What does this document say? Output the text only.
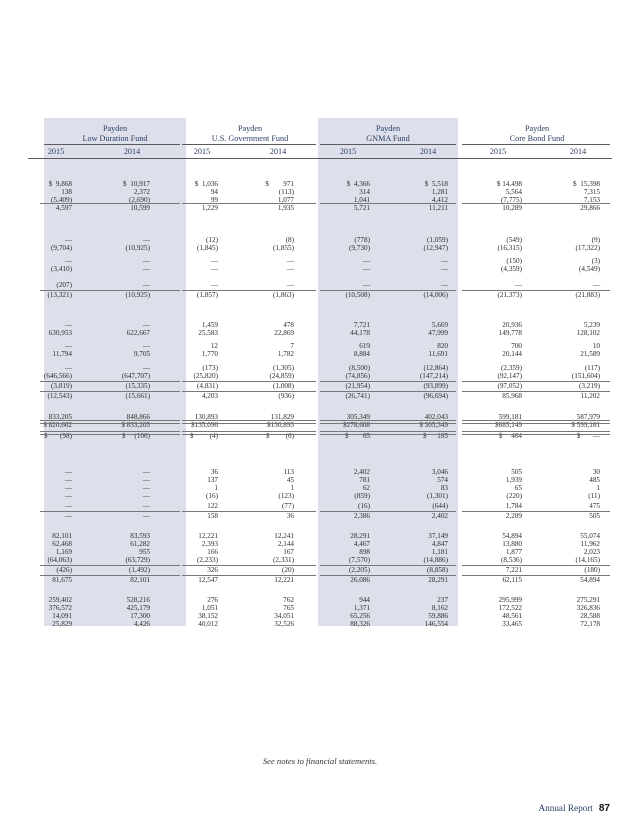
Payden
Low Duration Fund
Payden
U.S. Government Fund
Payden
GNMA Fund
Payden
Core Bond Fund
2015	2014	2015	2014	2015	2014	2015	2014
$  9,868	$  10,917	$  1,036	$        971	$  4,366	$  5,518	$ 14,498	$  15,398
138	2,372	94	(113)	314	1,281	5,564	7,315
(5,409)	(2,690)	99	1,077	1,041	4,412	(7,775)	7,153
4,597	10,599	1,229	1,935	5,721	11,211	10,289	29,866
—	—	(12)	(8)	(778)	(1,059)	(549)	(9)
(9,704)	(10,925)	(1,845)	(1,855)	(9,730)	(12,947)	(16,315)	(17,322)
—	—	—	—	—	—	(150)	(3)
(3,410)	—	—	—	—	—	(4,359)	(4,549)
(207)	—	—	—	—	—	—	—
(13,321)	(10,925)	(1,857)	(1,863)	(10,508)	(14,006)	(21,373)	(21,883)
—	—	1,459	478	7,721	5,669	20,936	5,239
630,953	622,667	25,583	22,869	44,178	47,999	149,778	128,102
—	—	12	7	619	820	700	10
11,794	9,705	1,770	1,782	8,884	11,691	20,144	21,589
—	—	(173)	(1,305)	(8,500)	(12,864)	(2,359)	(117)
(646,566)	(647,707)	(25,820)	(24,859)	(74,856)	(147,214)	(92,147)	(151,604)
(3,819)	(15,335)	(4,831)	(1,008)	(21,954)	(93,899)	(97,052)	(3,219)
(12,543)	(15,661)	4,203	(936)	(26,741)	(96,694)	85,968	11,202
833,205	848,866	130,893	131,829	305,349	402,043	599,181	587,979
$ 820,662	$ 833,205	$135,096	$130,893	$278,608	$ 305,349	$685,149	$ 599,181
$       (98)	$     (106)	$         (4)	$         (6)	$        65	$      185	$     464	$       —
—	—	36	113	2,402	3,046	505	30
—	—	137	45	781	574	1,939	485
—	—	1	1	62	83	65	1
—	—	(16)	(123)	(859)	(1,301)	(220)	(11)
—	—	122	(77)	(16)	(644)	1,784	475
—	—	158	36	2,386	2,402	2,289	505
82,101	83,593	12,221	12,241	28,291	37,149	54,894	55,074
62,468	61,282	2,393	2,144	4,467	4,847	13,880	11,962
1,169	955	166	167	898	1,181	1,877	2,023
(64,063)	(63,729)	(2,233)	(2,331)	(7,570)	(14,886)	(8,536)	(14,165)
(426)	(1,492)	326	(20)	(2,205)	(8,858)	7,221	(180)
81,675	82,101	12,547	12,221	26,086	28,291	62,115	54,894
259,402	528,216	276	762	944	237	295,999	275,291
376,572	425,179	1,051	765	1,371	8,162	172,522	326,836
14,091	17,300	38,152	34,051	65,256	59,886	48,561	28,588
25,829	4,426	40,012	32,526	88,326	146,554	33,465	72,178
See notes to financial statements.
Annual Report 87
